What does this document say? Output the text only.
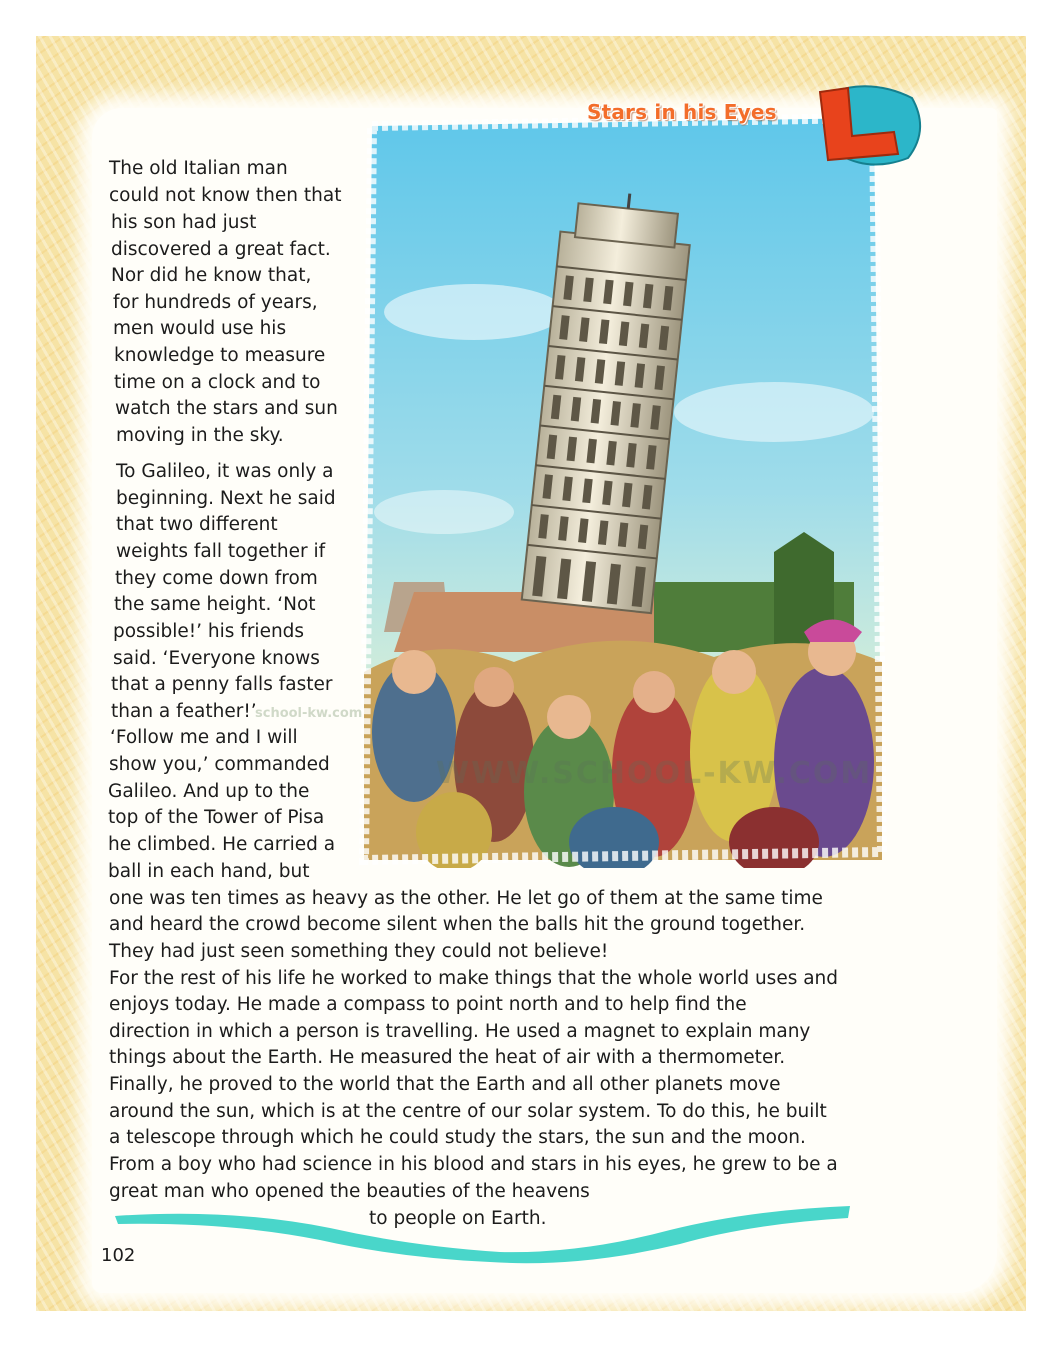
Stars in his Eyes
The old Italian man
could not know then that
his son had just
discovered a great fact.
Nor did he know that,
for hundreds of years,
men would use his
knowledge to measure
time on a clock and to
watch the stars and sun
moving in the sky.
To Galileo, it was only a
beginning. Next he said
that two different
weights fall together if
they come down from
the same height. ‘Not
possible!’ his friends
said. ‘Everyone knows
that a penny falls faster
than a feather!’
‘Follow me and I will
show you,’ commanded
Galileo. And up to the
top of the Tower of Pisa
he climbed. He carried a
ball in each hand, but
one was ten times as heavy as the other. He let go of them at the same time
and heard the crowd become silent when the balls hit the ground together.
They had just seen something they could not believe!
For the rest of his life he worked to make things that the whole world uses and
enjoys today. He made a compass to point north and to help find the
direction in which a person is travelling. He used a magnet to explain many
things about the Earth. He measured the heat of air with a thermometer.
Finally, he proved to the world that the Earth and all other planets move
around the sun, which is at the centre of our solar system. To do this, he built
a telescope through which he could study the stars, the sun and the moon.
From a boy who had science in his blood and stars in his eyes, he grew to be a
great man who opened the beauties of the heavens
to people on Earth.
school-kw.com
WWW.SCHOOL-KW.COM
102
